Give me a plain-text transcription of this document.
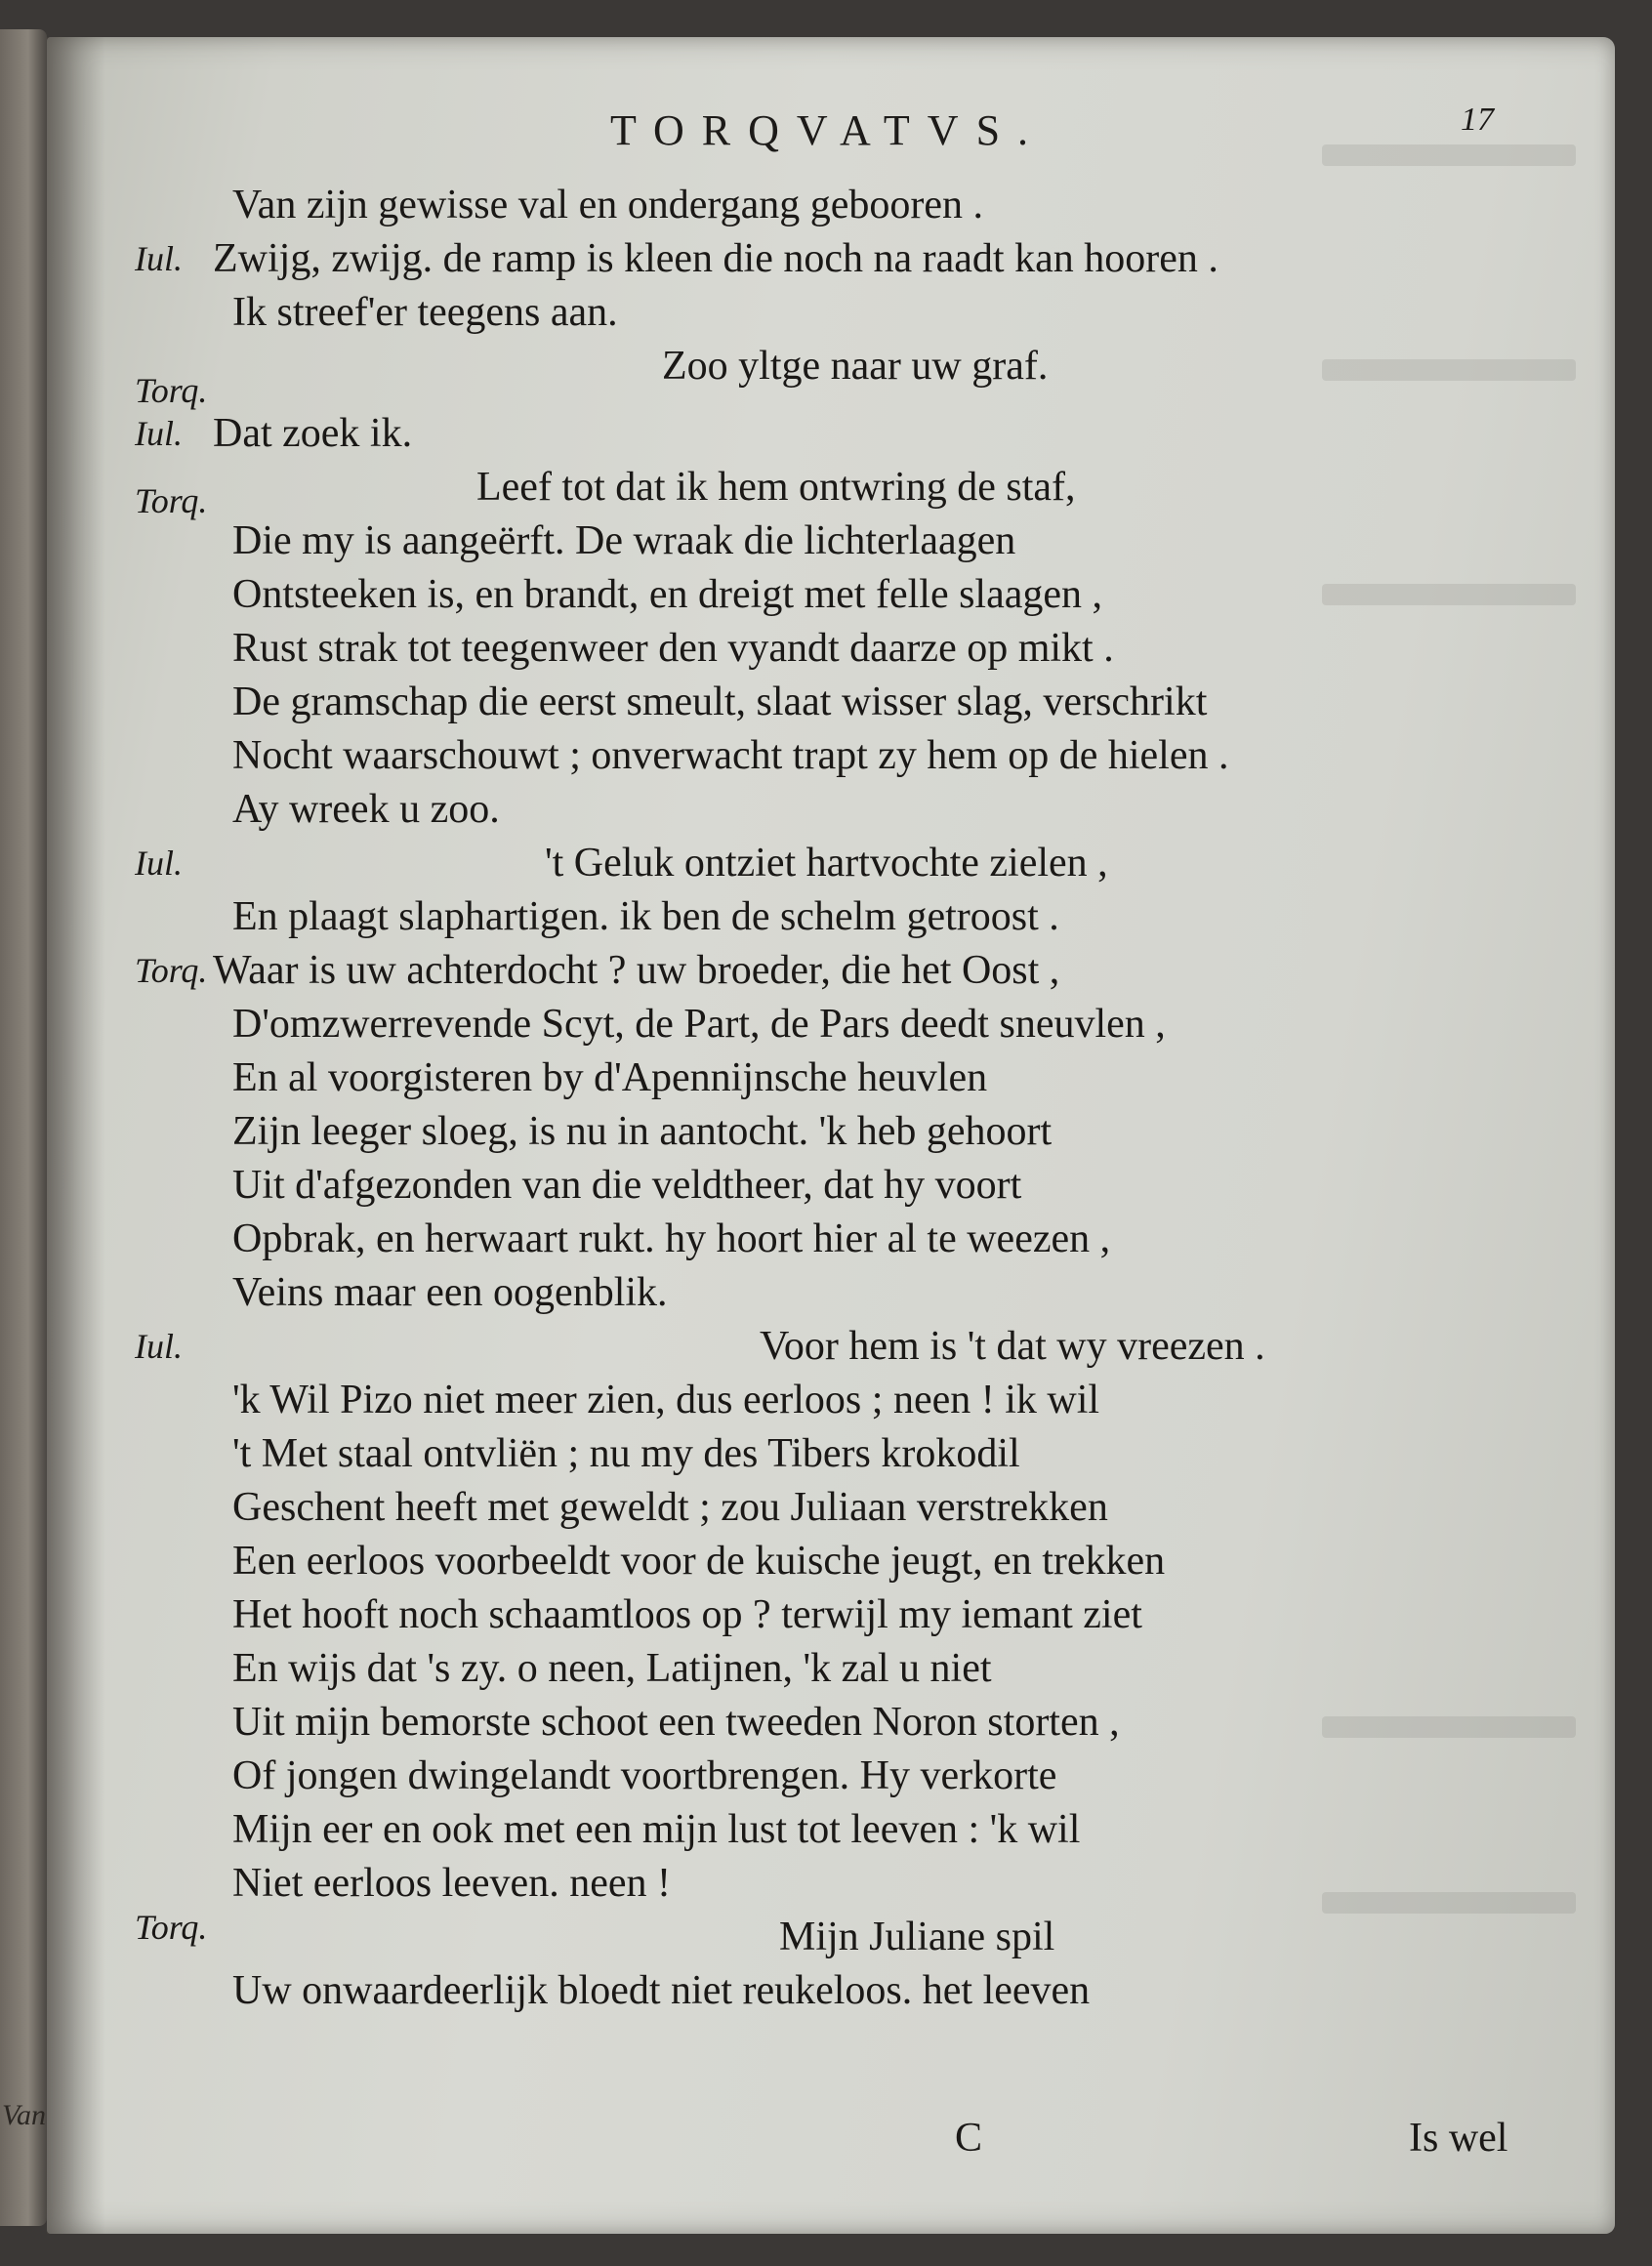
Van
TORQVATVS.	17
Van zijn gewisse val en ondergang gebooren .
Iul. Zwijg, zwijg. de ramp is kleen die noch na raadt kan hooren .
Ik streef'er teegens aan.
Zoo yltge naar uw graf.
Torq.
Iul. Dat zoek ik.
Torq.	Leef tot dat ik hem ontwring de staf,
Die my is aangeërft. De wraak die lichterlaagen
Ontsteeken is, en brandt, en dreigt met felle slaagen ,
Rust strak tot teegenweer den vyandt daarze op mikt .
De gramschap die eerst smeult, slaat wisser slag, verschrikt
Nocht waarschouwt ; onverwacht trapt zy hem op de hielen .
Ay wreek u zoo.
Iul.	't Geluk ontziet hartvochte zielen ,
En plaagt slaphartigen. ik ben de schelm getroost .
Torq. Waar is uw achterdocht ? uw broeder, die het Oost ,
D'omzwerrevende Scyt, de Part, de Pars deedt sneuvlen ,
En al voorgisteren by d'Apennijnsche heuvlen
Zijn leeger sloeg, is nu in aantocht. 'k heb gehoort
Uit d'afgezonden van die veldtheer, dat hy voort
Opbrak, en herwaart rukt. hy hoort hier al te weezen ,
Veins maar een oogenblik.
Iul.	Voor hem is 't dat wy vreezen .
'k Wil Pizo niet meer zien, dus eerloos ; neen ! ik wil
't Met staal ontvliën ; nu my des Tibers krokodil
Geschent heeft met geweldt ; zou Juliaan verstrekken
Een eerloos voorbeeldt voor de kuische jeugt, en trekken
Het hooft noch schaamtloos op ? terwijl my iemant ziet
En wijs dat 's zy. o neen, Latijnen, 'k zal u niet
Uit mijn bemorste schoot een tweeden Noron storten ,
Of jongen dwingelandt voortbrengen. Hy verkorte
Mijn eer en ook met een mijn lust tot leeven : 'k wil
Niet eerloos leeven. neen !
Torq.	Mijn Juliane spil
Uw onwaardeerlijk bloedt niet reukeloos. het leeven
C	Is wel
